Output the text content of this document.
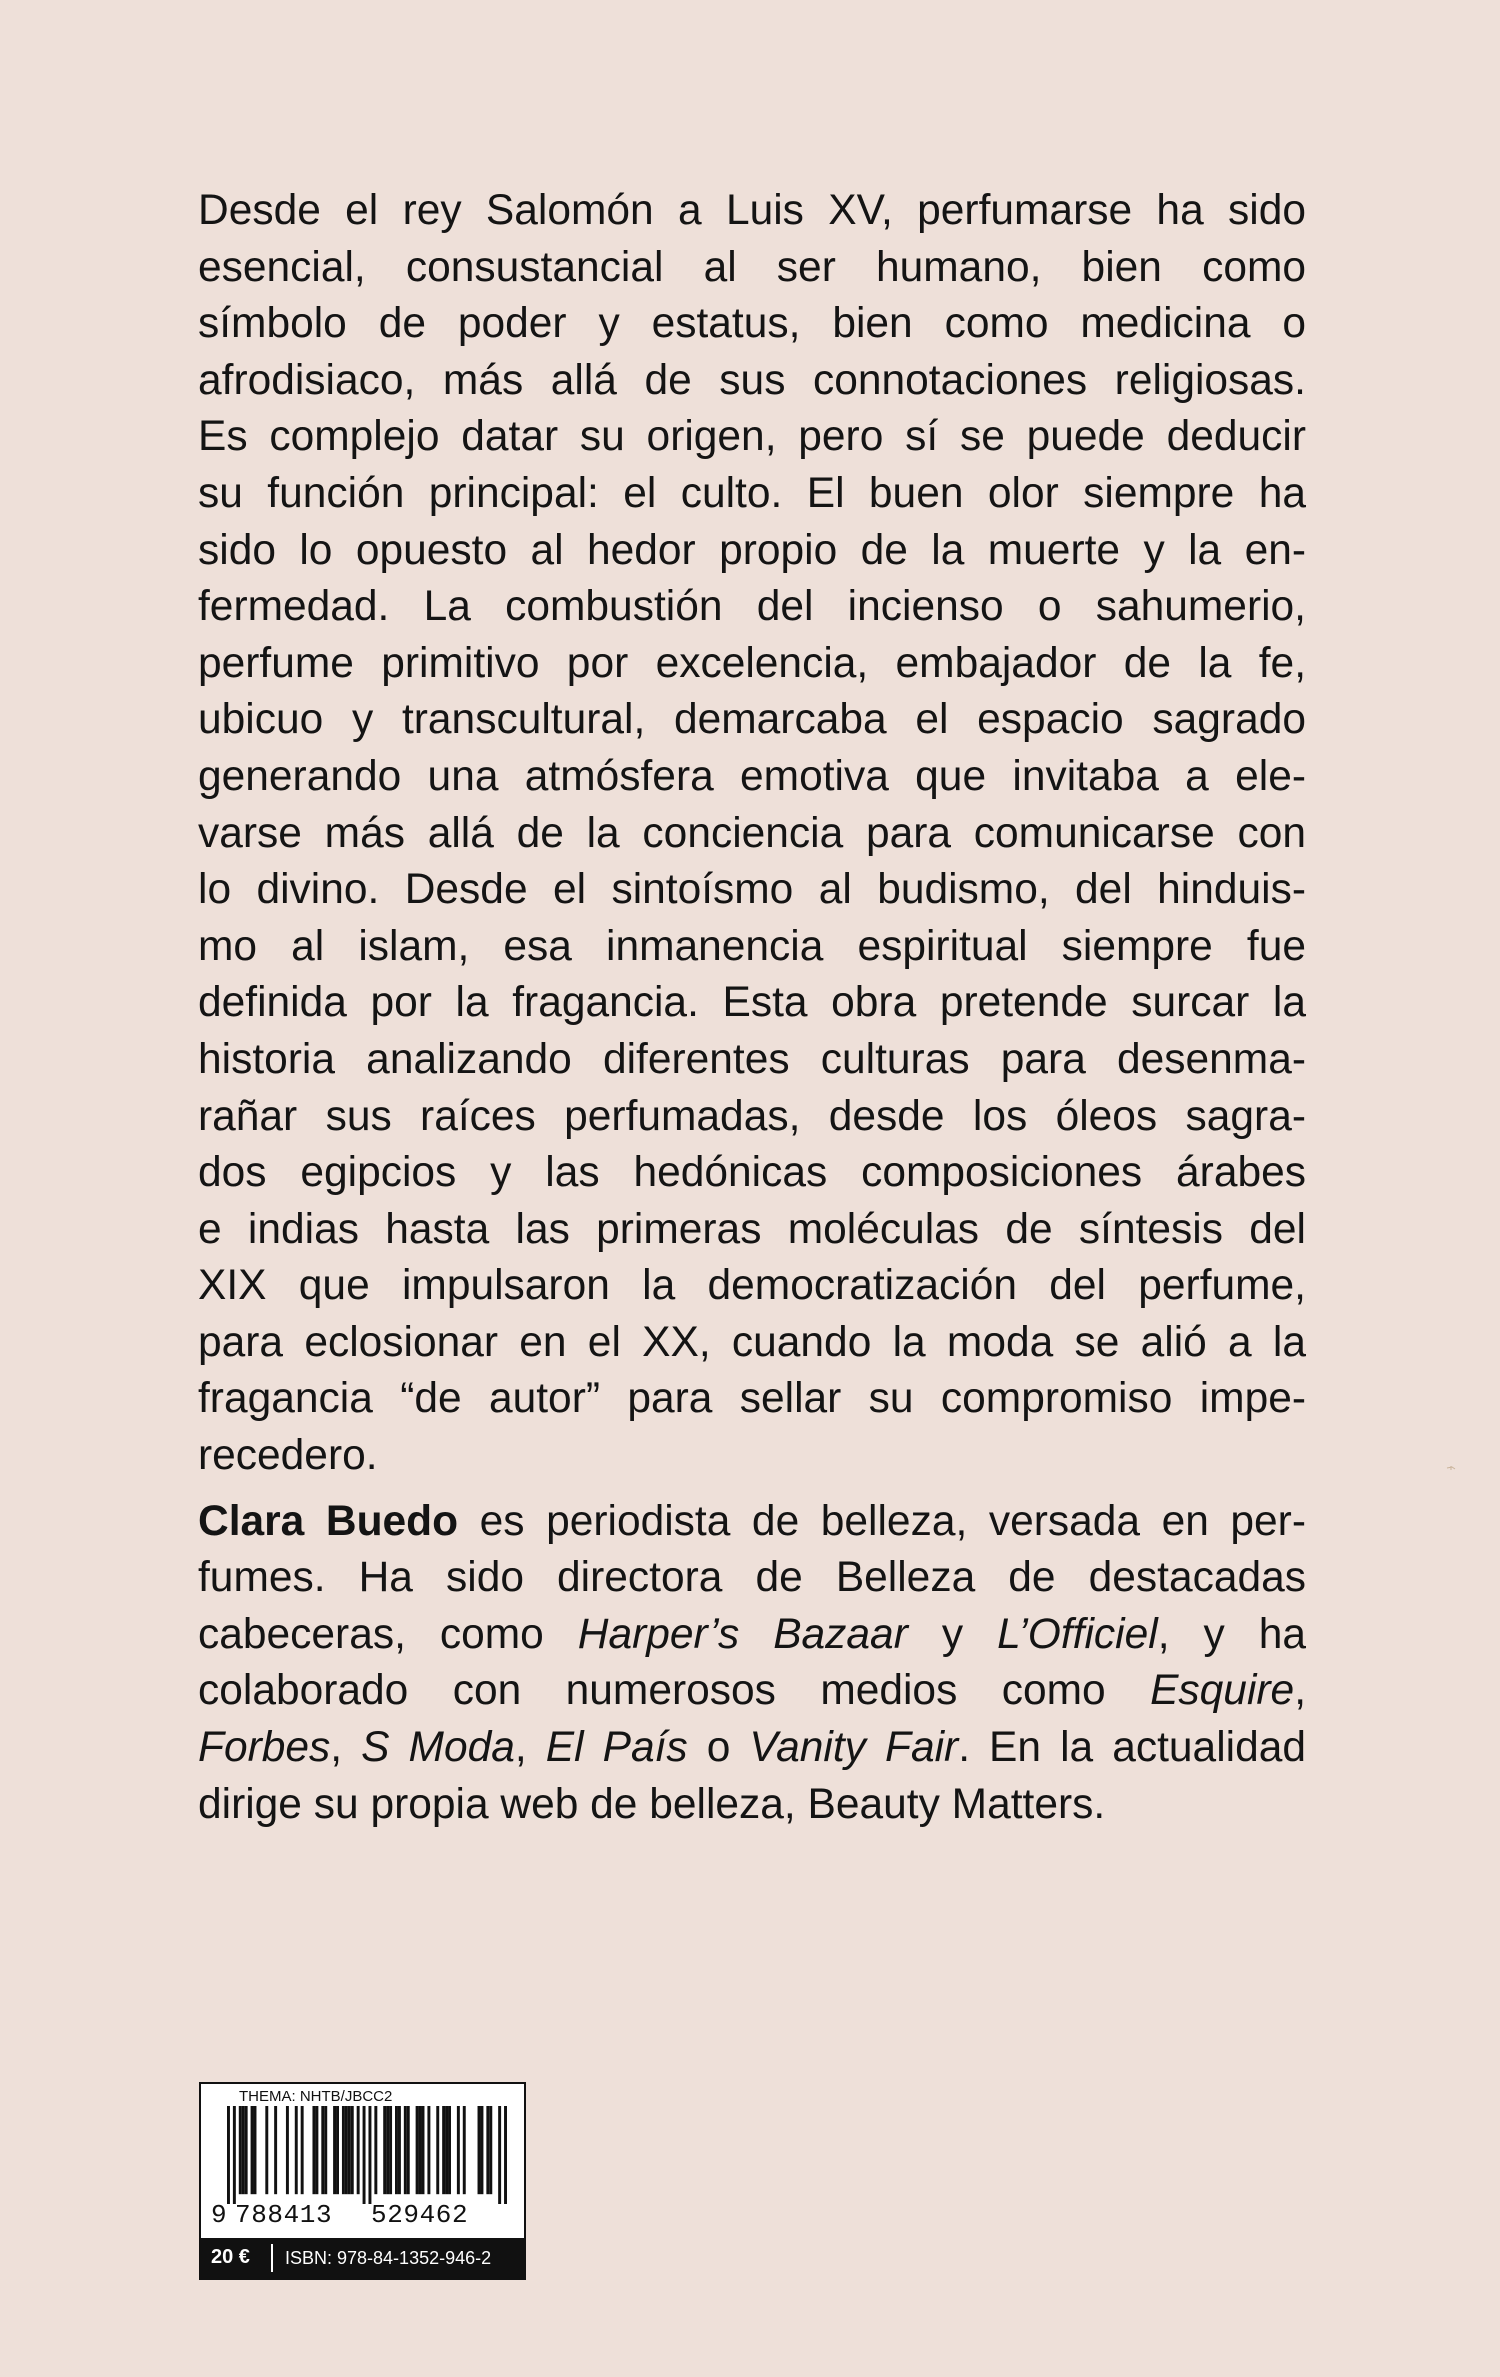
Desde el rey Salomón a Luis XV, perfumarse ha sido
esencial, consustancial al ser humano, bien como
símbolo de poder y estatus, bien como medicina o
afrodisiaco, más allá de sus connotaciones religiosas.
Es complejo datar su origen, pero sí se puede deducir
su función principal: el culto. El buen olor siempre ha
sido lo opuesto al hedor propio de la muerte y la en-
fermedad. La combustión del incienso o sahumerio,
perfume primitivo por excelencia, embajador de la fe,
ubicuo y transcultural, demarcaba el espacio sagrado
generando una atmósfera emotiva que invitaba a ele-
varse más allá de la conciencia para comunicarse con
lo divino. Desde el sintoísmo al budismo, del hinduis-
mo al islam, esa inmanencia espiritual siempre fue
definida por la fragancia. Esta obra pretende surcar la
historia analizando diferentes culturas para desenma-
rañar sus raíces perfumadas, desde los óleos sagra-
dos egipcios y las hedónicas composiciones árabes
e indias hasta las primeras moléculas de síntesis del
XIX que impulsaron la democratización del perfume,
para eclosionar en el XX, cuando la moda se alió a la
fragancia “de autor” para sellar su compromiso impe-
recedero.
Clara Buedo es periodista de belleza, versada en per-
fumes. Ha sido directora de Belleza de destacadas
cabeceras, como Harper’s Bazaar y L’Officiel, y ha
colaborado con numerosos medios como Esquire,
Forbes, S Moda, El País o Vanity Fair. En la actualidad
dirige su propia web de belleza, Beauty Matters.
THEMA: NHTB/JBCC2
9 788413 529462
20 € ISBN: 978-84-1352-946-2
